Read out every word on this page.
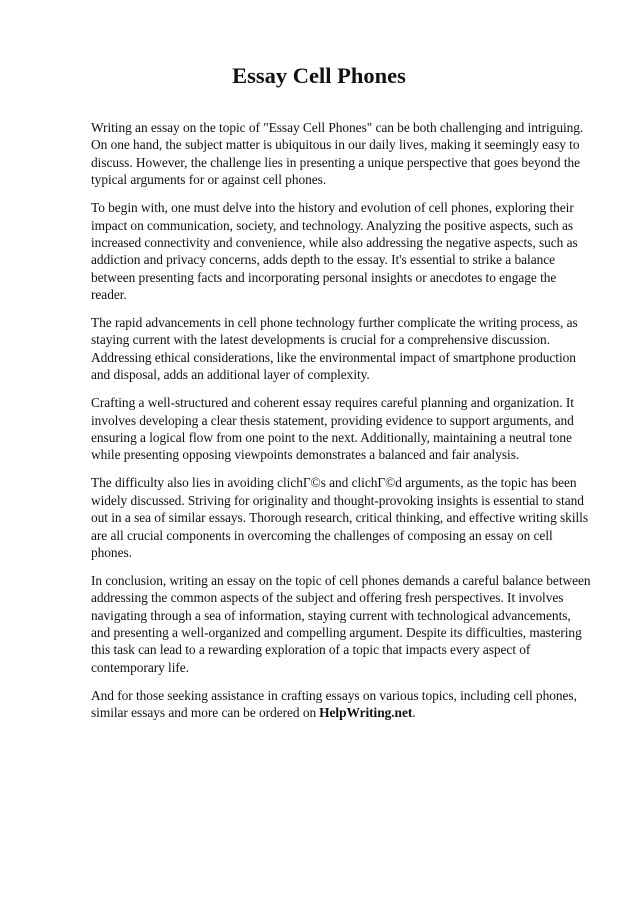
Essay Cell Phones

Writing an essay on the topic of "Essay Cell Phones" can be both challenging and intriguing. On one hand, the subject matter is ubiquitous in our daily lives, making it seemingly easy to discuss. However, the challenge lies in presenting a unique perspective that goes beyond the typical arguments for or against cell phones.

To begin with, one must delve into the history and evolution of cell phones, exploring their impact on communication, society, and technology. Analyzing the positive aspects, such as increased connectivity and convenience, while also addressing the negative aspects, such as addiction and privacy concerns, adds depth to the essay. It's essential to strike a balance between presenting facts and incorporating personal insights or anecdotes to engage the reader.

The rapid advancements in cell phone technology further complicate the writing process, as staying current with the latest developments is crucial for a comprehensive discussion. Addressing ethical considerations, like the environmental impact of smartphone production and disposal, adds an additional layer of complexity.

Crafting a well-structured and coherent essay requires careful planning and organization. It involves developing a clear thesis statement, providing evidence to support arguments, and ensuring a logical flow from one point to the next. Additionally, maintaining a neutral tone while presenting opposing viewpoints demonstrates a balanced and fair analysis.

The difficulty also lies in avoiding clichГ©s and clichГ©d arguments, as the topic has been widely discussed. Striving for originality and thought-provoking insights is essential to stand out in a sea of similar essays. Thorough research, critical thinking, and effective writing skills are all crucial components in overcoming the challenges of composing an essay on cell phones.

In conclusion, writing an essay on the topic of cell phones demands a careful balance between addressing the common aspects of the subject and offering fresh perspectives. It involves navigating through a sea of information, staying current with technological advancements, and presenting a well-organized and compelling argument. Despite its difficulties, mastering this task can lead to a rewarding exploration of a topic that impacts every aspect of contemporary life.

And for those seeking assistance in crafting essays on various topics, including cell phones, similar essays and more can be ordered on HelpWriting.net.
